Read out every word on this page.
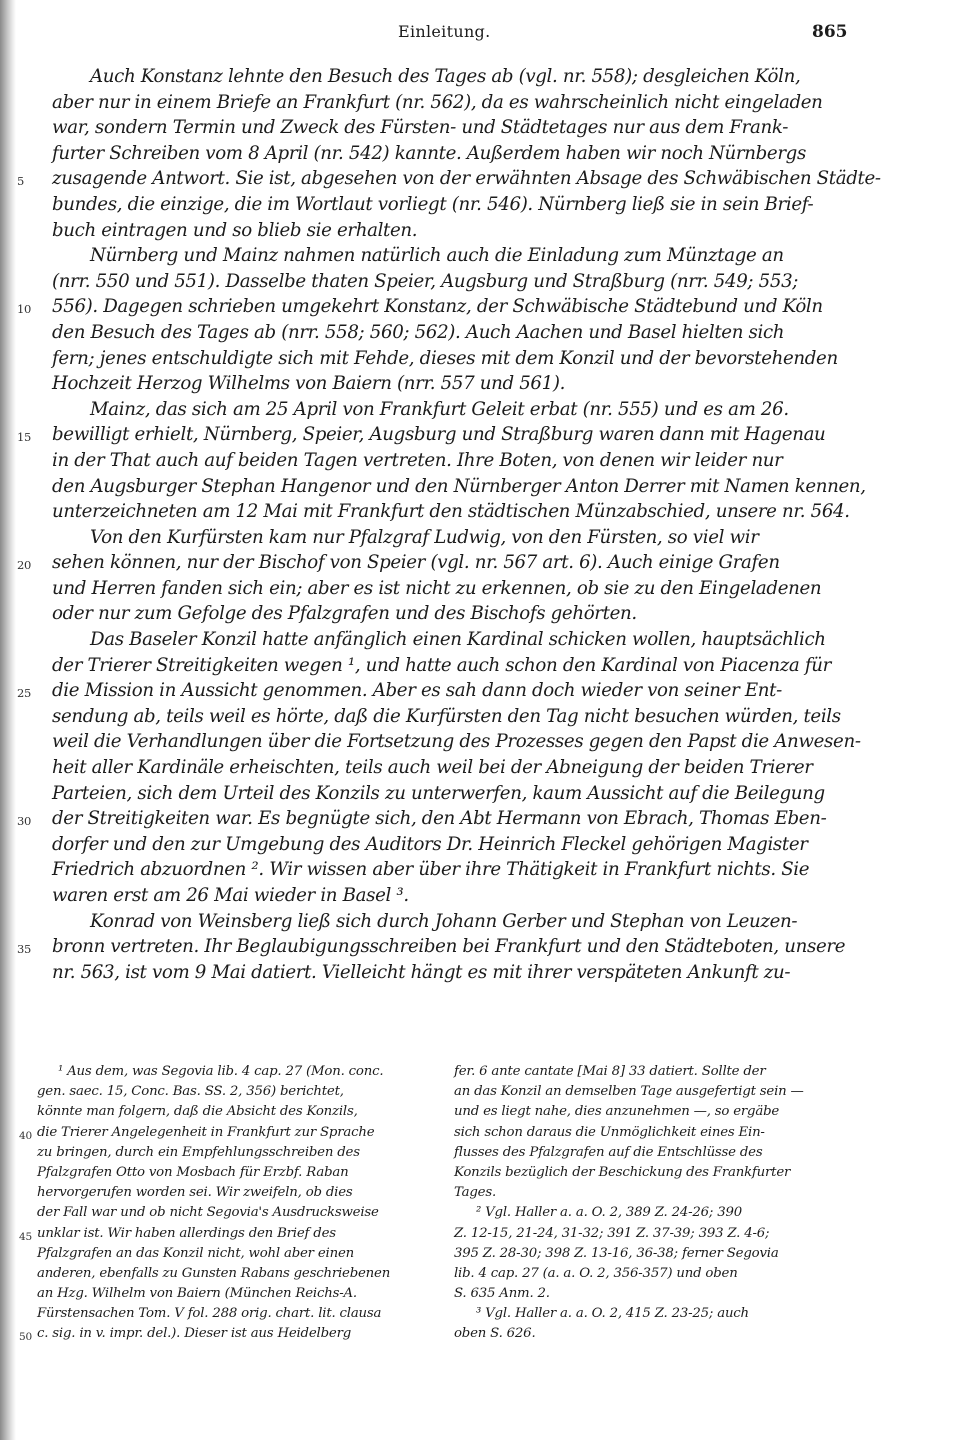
Einleitung.	865
Auch Konstanz lehnte den Besuch des Tages ab (vgl. nr. 558); desgleichen Köln,
aber nur in einem Briefe an Frankfurt (nr. 562), da es wahrscheinlich nicht eingeladen
war, sondern Termin und Zweck des Fürsten- und Städtetages nur aus dem Frank-
furter Schreiben vom 8 April (nr. 542) kannte. Außerdem haben wir noch Nürnbergs
5 zusagende Antwort. Sie ist, abgesehen von der erwähnten Absage des Schwäbischen Städte-
bundes, die einzige, die im Wortlaut vorliegt (nr. 546). Nürnberg ließ sie in sein Brief-
buch eintragen und so blieb sie erhalten.
Nürnberg und Mainz nahmen natürlich auch die Einladung zum Münztage an
(nrr. 550 und 551). Dasselbe thaten Speier, Augsburg und Straßburg (nrr. 549; 553;
10 556). Dagegen schrieben umgekehrt Konstanz, der Schwäbische Städtebund und Köln
den Besuch des Tages ab (nrr. 558; 560; 562). Auch Aachen und Basel hielten sich
fern; jenes entschuldigte sich mit Fehde, dieses mit dem Konzil und der bevorstehenden
Hochzeit Herzog Wilhelms von Baiern (nrr. 557 und 561).
Mainz, das sich am 25 April von Frankfurt Geleit erbat (nr. 555) und es am 26.
15 bewilligt erhielt, Nürnberg, Speier, Augsburg und Straßburg waren dann mit Hagenau
in der That auch auf beiden Tagen vertreten. Ihre Boten, von denen wir leider nur
den Augsburger Stephan Hangenor und den Nürnberger Anton Derrer mit Namen kennen,
unterzeichneten am 12 Mai mit Frankfurt den städtischen Münzabschied, unsere nr. 564.
Von den Kurfürsten kam nur Pfalzgraf Ludwig, von den Fürsten, so viel wir
20 sehen können, nur der Bischof von Speier (vgl. nr. 567 art. 6). Auch einige Grafen
und Herren fanden sich ein; aber es ist nicht zu erkennen, ob sie zu den Eingeladenen
oder nur zum Gefolge des Pfalzgrafen und des Bischofs gehörten.
Das Baseler Konzil hatte anfänglich einen Kardinal schicken wollen, hauptsächlich
der Trierer Streitigkeiten wegen ¹, und hatte auch schon den Kardinal von Piacenza für
25 die Mission in Aussicht genommen. Aber es sah dann doch wieder von seiner Ent-
sendung ab, teils weil es hörte, daß die Kurfürsten den Tag nicht besuchen würden, teils
weil die Verhandlungen über die Fortsetzung des Prozesses gegen den Papst die Anwesen-
heit aller Kardinäle erheischten, teils auch weil bei der Abneigung der beiden Trierer
Parteien, sich dem Urteil des Konzils zu unterwerfen, kaum Aussicht auf die Beilegung
30 der Streitigkeiten war. Es begnügte sich, den Abt Hermann von Ebrach, Thomas Eben-
dorfer und den zur Umgebung des Auditors Dr. Heinrich Fleckel gehörigen Magister
Friedrich abzuordnen ². Wir wissen aber über ihre Thätigkeit in Frankfurt nichts. Sie
waren erst am 26 Mai wieder in Basel ³.
Konrad von Weinsberg ließ sich durch Johann Gerber und Stephan von Leuzen-
35 bronn vertreten. Ihr Beglaubigungsschreiben bei Frankfurt und den Städteboten, unsere
nr. 563, ist vom 9 Mai datiert. Vielleicht hängt es mit ihrer verspäteten Ankunft zu-
¹ Aus dem, was Segovia lib. 4 cap. 27 (Mon. conc.
gen. saec. 15, Conc. Bas. SS. 2, 356) berichtet,
könnte man folgern, daß die Absicht des Konzils,
40 die Trierer Angelegenheit in Frankfurt zur Sprache
zu bringen, durch ein Empfehlungsschreiben des
Pfalzgrafen Otto von Mosbach für Erzbf. Raban
hervorgerufen worden sei. Wir zweifeln, ob dies
der Fall war und ob nicht Segovia's Ausdrucksweise
45 unklar ist. Wir haben allerdings den Brief des
Pfalzgrafen an das Konzil nicht, wohl aber einen
anderen, ebenfalls zu Gunsten Rabans geschriebenen
an Hzg. Wilhelm von Baiern (München Reichs-A.
Fürstensachen Tom. V fol. 288 orig. chart. lit. clausa
50 c. sig. in v. impr. del.). Dieser ist aus Heidelberg
fer. 6 ante cantate [Mai 8] 33 datiert. Sollte der
an das Konzil an demselben Tage ausgefertigt sein —
und es liegt nahe, dies anzunehmen —, so ergäbe
sich schon daraus die Unmöglichkeit eines Ein-
flusses des Pfalzgrafen auf die Entschlüsse des
Konzils bezüglich der Beschickung des Frankfurter
Tages.
² Vgl. Haller a. a. O. 2, 389 Z. 24-26; 390
Z. 12-15, 21-24, 31-32; 391 Z. 37-39; 393 Z. 4-6;
395 Z. 28-30; 398 Z. 13-16, 36-38; ferner Segovia
lib. 4 cap. 27 (a. a. O. 2, 356-357) und oben
S. 635 Anm. 2.
³ Vgl. Haller a. a. O. 2, 415 Z. 23-25; auch
oben S. 626.
